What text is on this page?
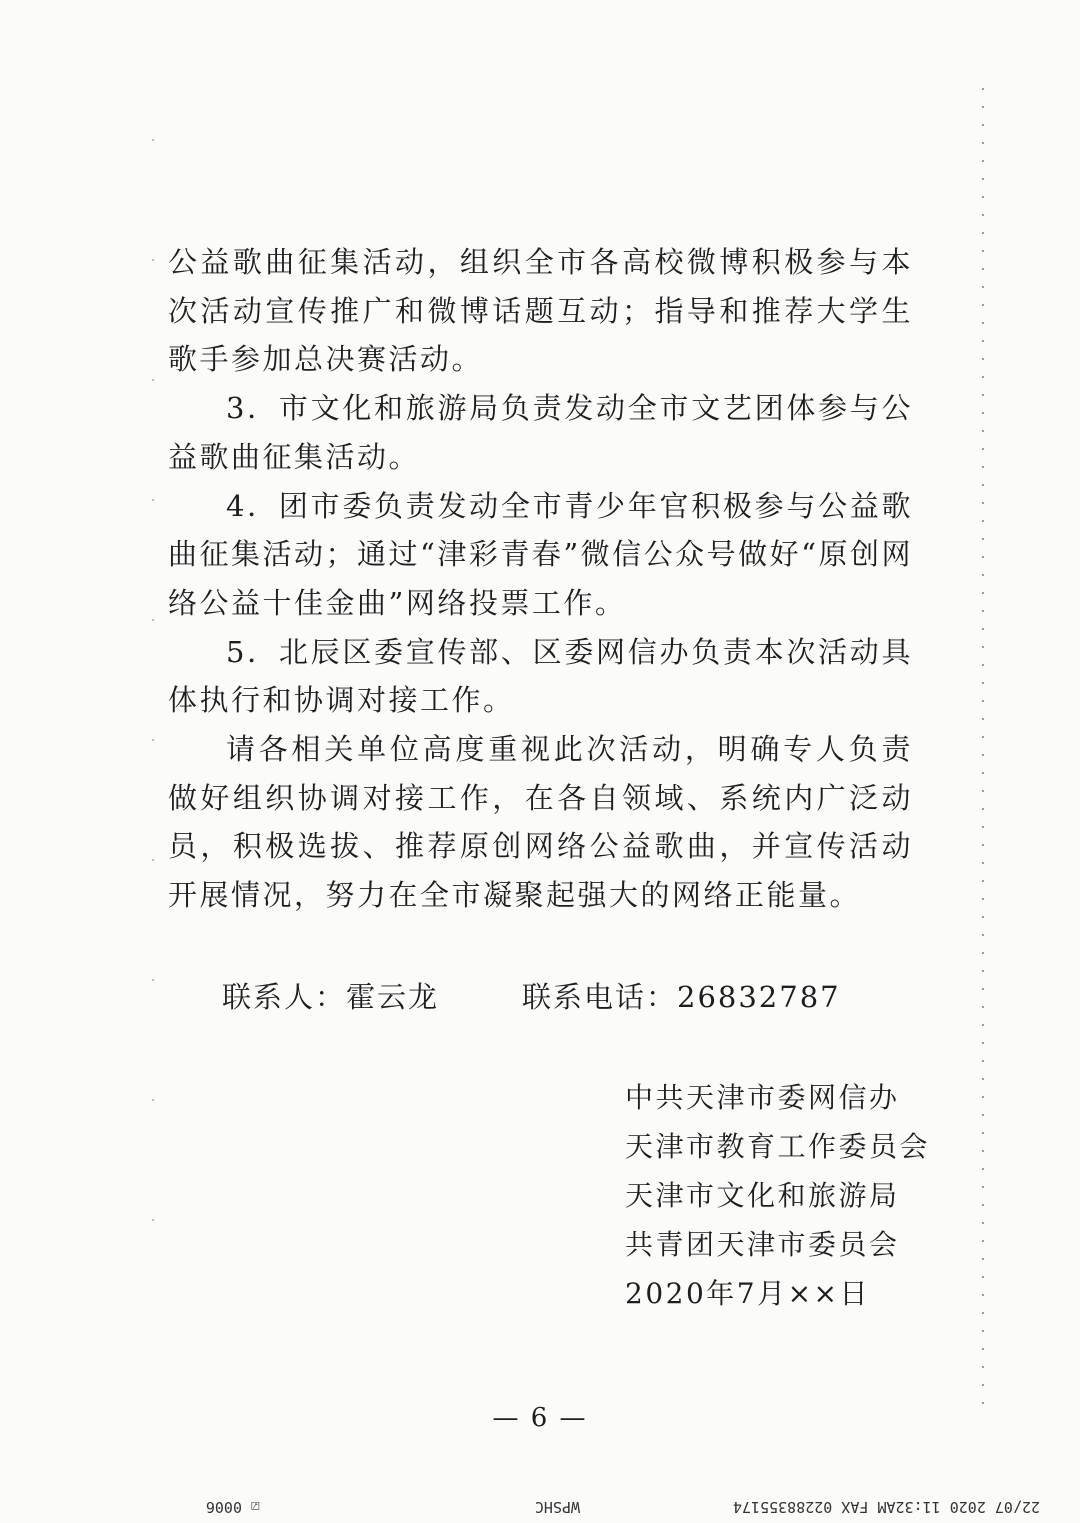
公益歌曲征集活动，组织全市各高校微博积极参与本次活动宣传推广和微博话题互动；指导和推荐大学生歌手参加总决赛活动。

3．市文化和旅游局负责发动全市文艺团体参与公益歌曲征集活动。

4．团市委负责发动全市青少年官积极参与公益歌曲征集活动；通过“津彩青春”微信公众号做好“原创网络公益十佳金曲”网络投票工作。

5．北辰区委宣传部、区委网信办负责本次活动具体执行和协调对接工作。

请各相关单位高度重视此次活动，明确专人负责做好组织协调对接工作，在各自领域、系统内广泛动员，积极选拔、推荐原创网络公益歌曲，并宣传活动开展情况，努力在全市凝聚起强大的网络正能量。

联系人：霍云龙	联系电话：26832787
中共天津市委网信办
天津市教育工作委员会
天津市文化和旅游局
共青团天津市委员会
2020年7月××日
— 6 —
22/07 2020 11:32AM FAX 02288355174
WPSHC
☑ 0006
